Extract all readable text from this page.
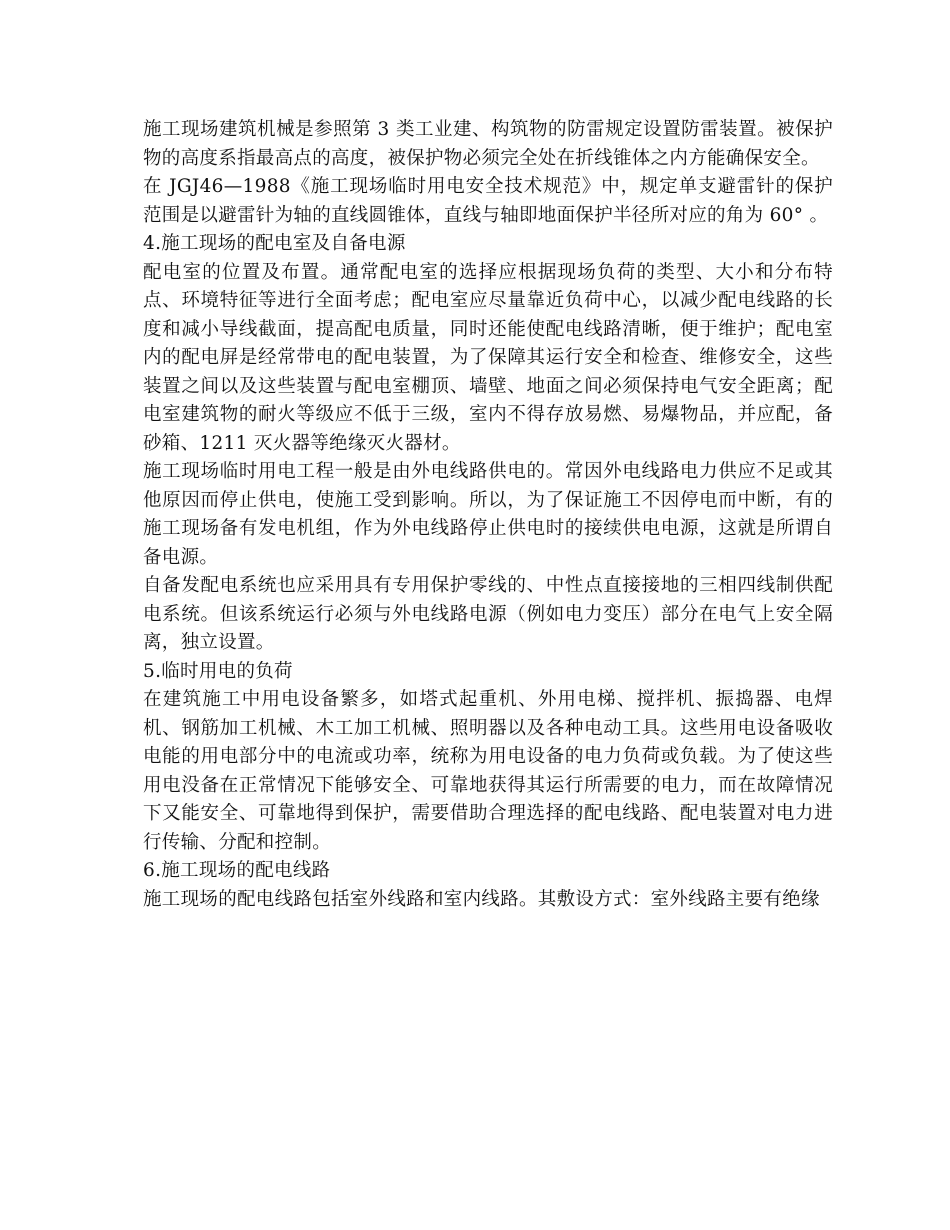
施工现场建筑机械是参照第 3 类工业建、构筑物的防雷规定设置防雷装置。被保护物的高度系指最高点的高度，被保护物必须完全处在折线锥体之内方能确保安全。

在 JGJ46—1988《施工现场临时用电安全技术规范》中，规定单支避雷针的保护范围是以避雷针为轴的直线圆锥体，直线与轴即地面保护半径所对应的角为 60° 。

4.施工现场的配电室及自备电源

配电室的位置及布置。通常配电室的选择应根据现场负荷的类型、大小和分布特点、环境特征等进行全面考虑；配电室应尽量靠近负荷中心，以减少配电线路的长度和减小导线截面，提高配电质量，同时还能使配电线路清晰，便于维护；配电室内的配电屏是经常带电的配电装置，为了保障其运行安全和检查、维修安全，这些装置之间以及这些装置与配电室棚顶、墙壁、地面之间必须保持电气安全距离；配电室建筑物的耐火等级应不低于三级，室内不得存放易燃、易爆物品，并应配，备砂箱、1211 灭火器等绝缘灭火器材。

施工现场临时用电工程一般是由外电线路供电的。常因外电线路电力供应不足或其他原因而停止供电，使施工受到影响。所以，为了保证施工不因停电而中断，有的施工现场备有发电机组，作为外电线路停止供电时的接续供电电源，这就是所谓自备电源。

自备发配电系统也应采用具有专用保护零线的、中性点直接接地的三相四线制供配电系统。但该系统运行必须与外电线路电源（例如电力变压）部分在电气上安全隔离，独立设置。

5.临时用电的负荷

在建筑施工中用电设备繁多，如塔式起重机、外用电梯、搅拌机、振捣器、电焊机、钢筋加工机械、木工加工机械、照明器以及各种电动工具。这些用电设备吸收电能的用电部分中的电流或功率，统称为用电设备的电力负荷或负载。为了使这些用电没备在正常情况下能够安全、可靠地获得其运行所需要的电力，而在故障情况下又能安全、可靠地得到保护，需要借助合理选择的配电线路、配电装置对电力进行传输、分配和控制。

6.施工现场的配电线路

施工现场的配电线路包括室外线路和室内线路。其敷设方式：室外线路主要有绝缘
